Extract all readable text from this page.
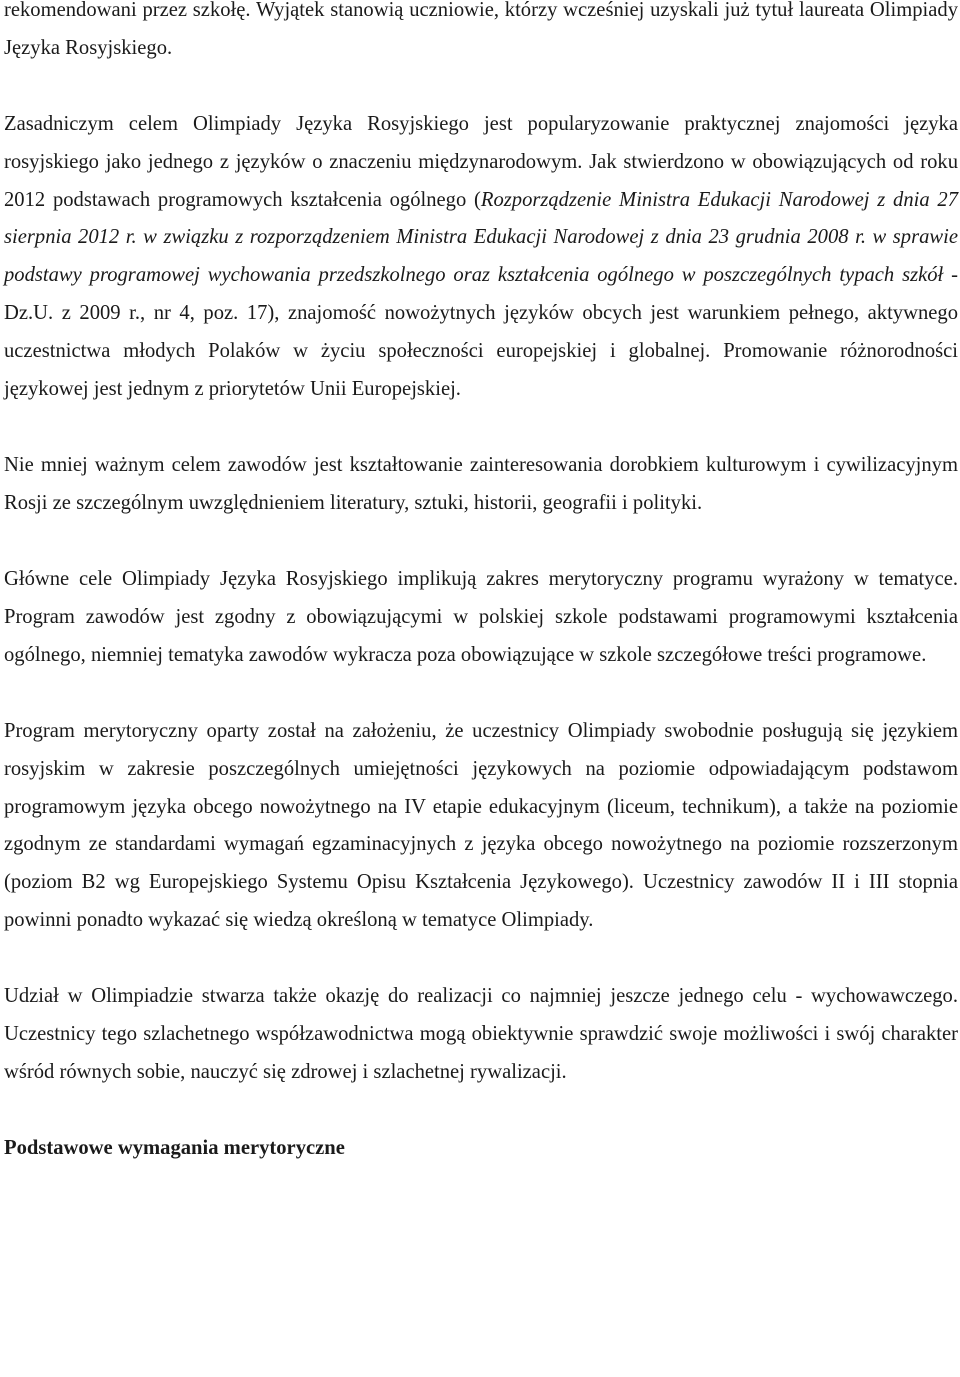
rekomendowani przez szkołę. Wyjątek stanowią uczniowie, którzy wcześniej uzyskali już tytuł laureata Olimpiady Języka Rosyjskiego.

Zasadniczym celem Olimpiady Języka Rosyjskiego jest popularyzowanie praktycznej znajomości języka rosyjskiego jako jednego z języków o znaczeniu międzynarodowym. Jak stwierdzono w obowiązujących od roku 2012 podstawach programowych kształcenia ogólnego (Rozporządzenie Ministra Edukacji Narodowej z dnia 27 sierpnia 2012 r. w związku z rozporządzeniem Ministra Edukacji Narodowej z dnia 23 grudnia 2008 r. w sprawie podstawy programowej wychowania przedszkolnego oraz kształcenia ogólnego w poszczególnych typach szkół - Dz.U. z 2009 r., nr 4, poz. 17), znajomość nowożytnych języków obcych jest warunkiem pełnego, aktywnego uczestnictwa młodych Polaków w życiu społeczności europejskiej i globalnej. Promowanie różnorodności językowej jest jednym z priorytetów Unii Europejskiej.

Nie mniej ważnym celem zawodów jest kształtowanie zainteresowania dorobkiem kulturowym i cywilizacyjnym Rosji ze szczególnym uwzględnieniem literatury, sztuki, historii, geografii i polityki.

Główne cele Olimpiady Języka Rosyjskiego implikują zakres merytoryczny programu wyrażony w tematyce. Program zawodów jest zgodny z obowiązującymi w polskiej szkole podstawami programowymi kształcenia ogólnego, niemniej tematyka zawodów wykracza poza obowiązujące w szkole szczegółowe treści programowe.

Program merytoryczny oparty został na założeniu, że uczestnicy Olimpiady swobodnie posługują się językiem rosyjskim w zakresie poszczególnych umiejętności językowych na poziomie odpowiadającym podstawom programowym języka obcego nowożytnego na IV etapie edukacyjnym (liceum, technikum), a także na poziomie zgodnym ze standardami wymagań egzaminacyjnych z języka obcego nowożytnego na poziomie rozszerzonym (poziom B2 wg Europejskiego Systemu Opisu Kształcenia Językowego). Uczestnicy zawodów II i III stopnia powinni ponadto wykazać się wiedzą określoną w tematyce Olimpiady.

Udział w Olimpiadzie stwarza także okazję do realizacji co najmniej jeszcze jednego celu - wychowawczego. Uczestnicy tego szlachetnego współzawodnictwa mogą obiektywnie sprawdzić swoje możliwości i swój charakter wśród równych sobie, nauczyć się zdrowej i szlachetnej rywalizacji.

Podstawowe wymagania merytoryczne
